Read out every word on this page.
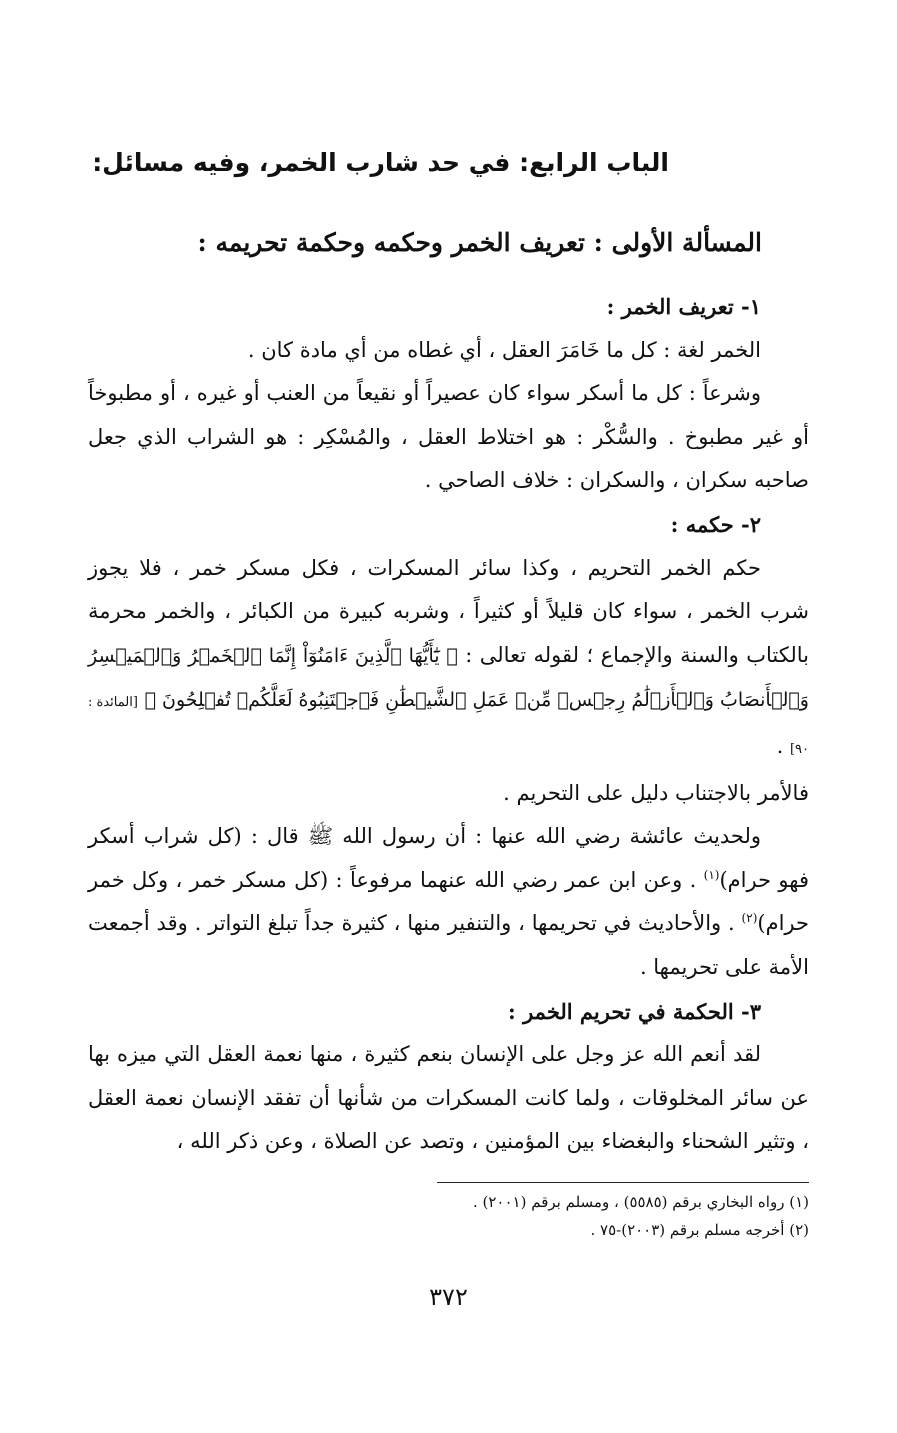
الباب الرابع: في حد شارب الخمر، وفيه مسائل:
المسألة الأولى : تعريف الخمر وحكمه وحكمة تحريمه :

١- تعريف الخمر :

الخمر لغة : كل ما خَامَرَ العقل ، أي غطاه من أي مادة كان .

وشرعاً : كل ما أسكر سواء كان عصيراً أو نقيعاً من العنب أو غيره ، أو مطبوخاً أو غير مطبوخ . والسُّكْر : هو اختلاط العقل ، والمُسْكِر : هو الشراب الذي جعل صاحبه سكران ، والسكران : خلاف الصاحي .

٢- حكمه :

حكم الخمر التحريم ، وكذا سائر المسكرات ، فكل مسكر خمر ، فلا يجوز شرب الخمر ، سواء كان قليلاً أو كثيراً ، وشربه كبيرة من الكبائر ، والخمر محرمة بالكتاب والسنة والإجماع ؛ لقوله تعالى : ﴿ يَٰٓأَيُّهَا ٱلَّذِينَ ءَامَنُوٓاْ إِنَّمَا ٱلۡخَمۡرُ وَٱلۡمَيۡسِرُ وَٱلۡأَنصَابُ وَٱلۡأَزۡلَٰمُ رِجۡسٞ مِّنۡ عَمَلِ ٱلشَّيۡطَٰنِ فَٱجۡتَنِبُوهُ لَعَلَّكُمۡ تُفۡلِحُونَ ﴾ [المائدة : ٩٠] .

فالأمر بالاجتناب دليل على التحريم .

ولحديث عائشة رضي الله عنها : أن رسول الله ﷺ قال : (كل شراب أسكر فهو حرام)$^{(١)}$ . وعن ابن عمر رضي الله عنهما مرفوعاً : (كل مسكر خمر ، وكل خمر حرام)$^{(٢)}$ . والأحاديث في تحريمها ، والتنفير منها ، كثيرة جداً تبلغ التواتر . وقد أجمعت الأمة على تحريمها .

٣- الحكمة في تحريم الخمر :

لقد أنعم الله عز وجل على الإنسان بنعم كثيرة ، منها نعمة العقل التي ميزه بها عن سائر المخلوقات ، ولما كانت المسكرات من شأنها أن تفقد الإنسان نعمة العقل ، وتثير الشحناء والبغضاء بين المؤمنين ، وتصد عن الصلاة ، وعن ذكر الله ،

(١) رواه البخاري برقم (٥٥٨٥) ، ومسلم برقم (٢٠٠١) .

(٢) أخرجه مسلم برقم (٢٠٠٣)-٧٥ .

٣٧٢
